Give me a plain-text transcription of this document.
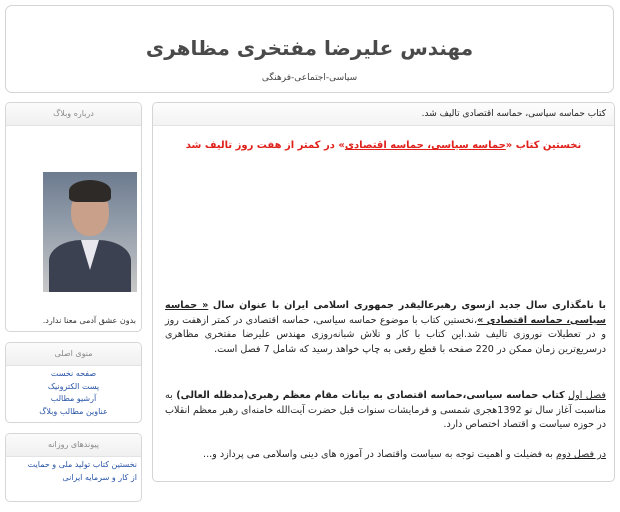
مهندس علیرضا مفتخری مظاهری
سیاسی-اجتماعی-فرهنگی
درباره وبلاگ
بدون عشق آدمی معنا ندارد.
منوی اصلی
صفحه نخست
پست الکترونیک
آرشیو مطالب
عناوین مطالب وبلاگ
پیوندهای روزانه
نخستین کتاب تولید ملی و حمایت
از کار و سرمایه ایرانی
کتاب حماسه سیاسی، حماسه اقتصادی تالیف شد.
نخستین کتاب «حماسه سیاسی، حماسه اقتصادی» در کمتر از هفت روز تالیف شد

با نامگذاری سال جدید ازسوی رهبرعالیقدر جمهوری اسلامی ایران با عنوان سال « حماسه سیاسی، حماسه اقتصادی »،نخستین کتاب با موضوع حماسه سیاسی، حماسه اقتصادی در کمتر ازهفت روز و در تعطیلات نوروزی تالیف شد.این کتاب با کار و تلاش شبانه‌روزی مهندس علیرضا مفتخری مظاهری درسریع‌ترین زمان ممکن در 220 صفحه با قطع رقعی به چاپ خواهد رسید که شامل 7 فصل است.

فصل اول کتاب حماسه سیاسی،حماسه اقتصادی به بیانات مقام معظم رهبری(مدظله العالی) به مناسبت آغاز سال نو 1392هجری شمسی و فرمایشات سنوات قبل حضرت آیت‌الله خامنه‌ای رهبر معظم انقلاب در حوزه سیاست و اقتصاد اختصاص دارد.

در فصل دوم به فضیلت و اهمیت توجه به سیاست واقتصاد در آموزه های دینی واسلامی می پردازد و...
